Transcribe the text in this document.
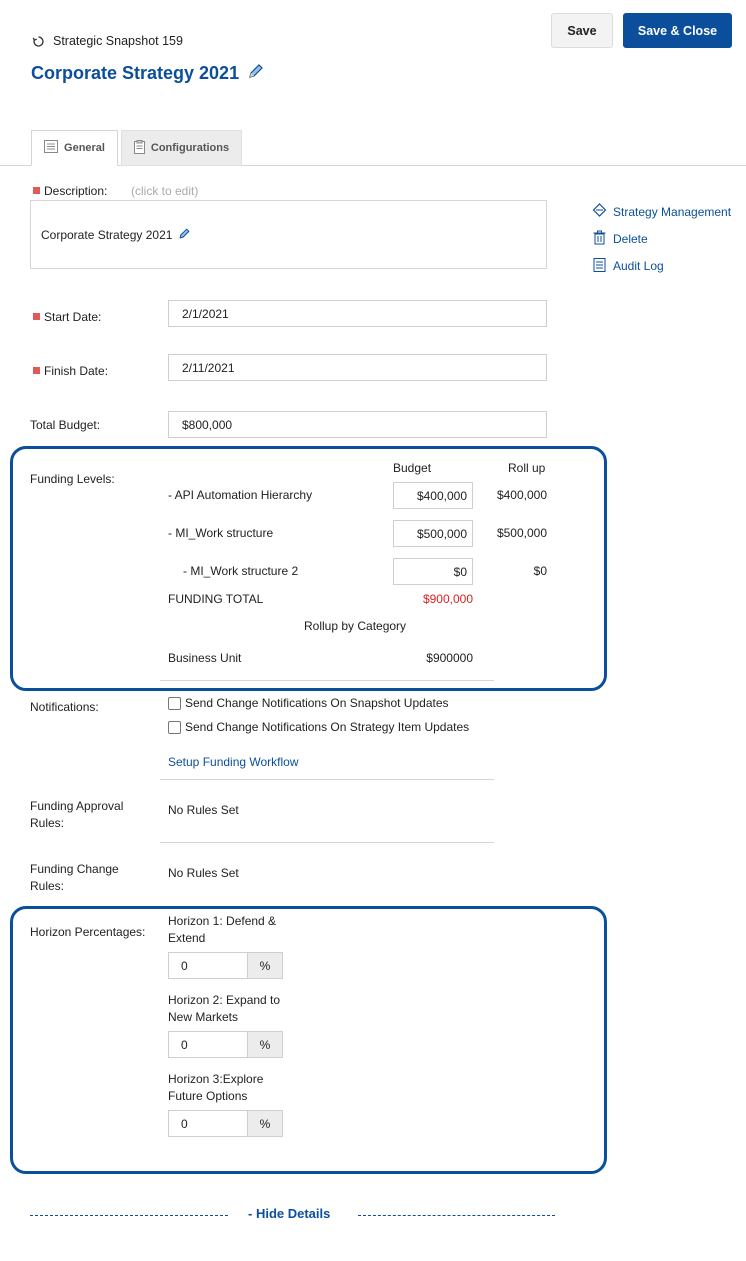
Strategic Snapshot 159
Corporate Strategy 2021
Save	Save & Close
General	Configurations
Description: (click to edit)
Corporate Strategy 2021
Strategy Management
Delete
Audit Log
Start Date:	2/1/2021
Finish Date:	2/11/2021
Total Budget:	$800,000
Funding Levels:
Budget	Roll up
- API Automation Hierarchy	$400,000	$400,000
- MI_Work structure	$500,000	$500,000
- MI_Work structure 2	$0	$0
FUNDING TOTAL	$900,000
Rollup by Category
Business Unit	$900000
Notifications:	Send Change Notifications On Snapshot Updates
Send Change Notifications On Strategy Item Updates
Setup Funding Workflow
Funding Approval Rules:
No Rules Set
Funding Change Rules:
No Rules Set
Horizon Percentages:
Horizon 1: Defend & Extend
0	%
Horizon 2: Expand to New Markets
0	%
Horizon 3:Explore Future Options
0	%
- Hide Details
